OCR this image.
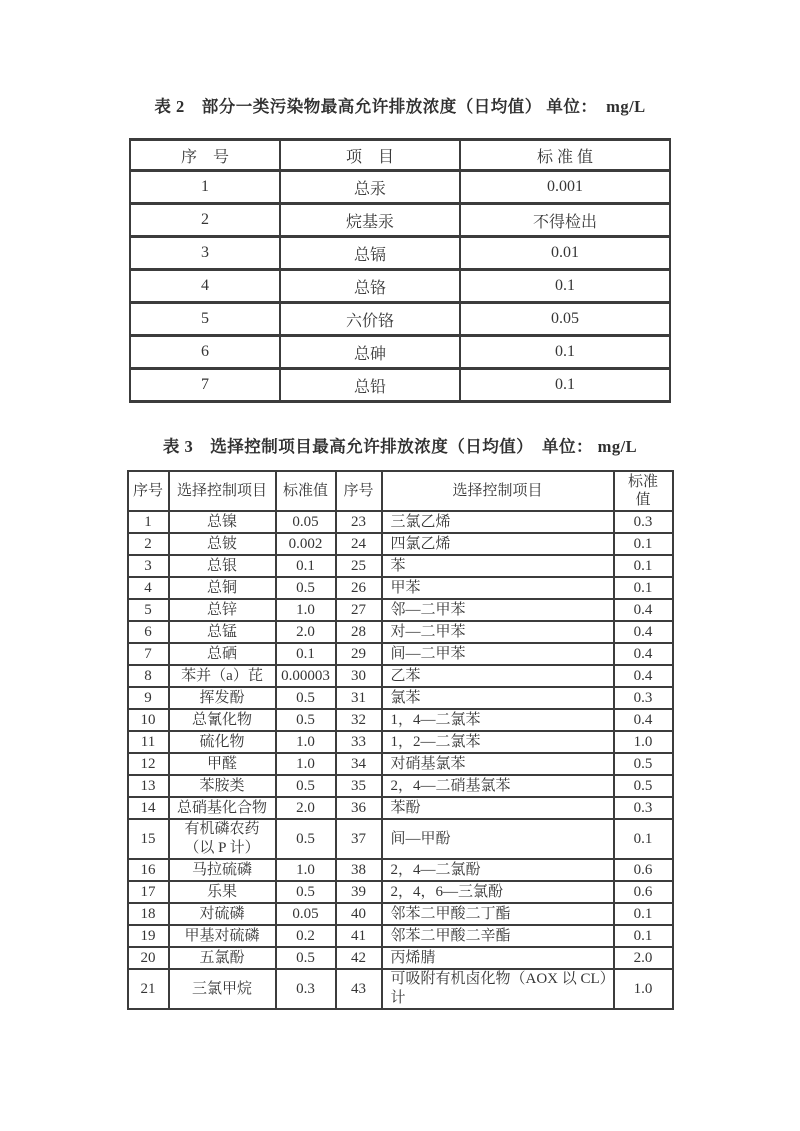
表 2　部分一类污染物最高允许排放浓度（日均值） 单位：　mg/L
序　号	项　目	标 准 值
1	总汞	0.001
2	烷基汞	不得检出
3	总镉	0.01
4	总铬	0.1
5	六价铬	0.05
6	总砷	0.1
7	总铅	0.1
表 3　选择控制项目最高允许排放浓度（日均值）　单位： mg/L
序号	选择控制项目	标准值	序号	选择控制项目	标准值
1	总镍	0.05	23	三氯乙烯	0.3
2	总铍	0.002	24	四氯乙烯	0.1
3	总银	0.1	25	苯	0.1
4	总铜	0.5	26	甲苯	0.1
5	总锌	1.0	27	邻—二甲苯	0.4
6	总锰	2.0	28	对—二甲苯	0.4
7	总硒	0.1	29	间—二甲苯	0.4
8	苯并（a）芘	0.00003	30	乙苯	0.4
9	挥发酚	0.5	31	氯苯	0.3
10	总氰化物	0.5	32	1，4—二氯苯	0.4
11	硫化物	1.0	33	1，2—二氯苯	1.0
12	甲醛	1.0	34	对硝基氯苯	0.5
13	苯胺类	0.5	35	2，4—二硝基氯苯	0.5
14	总硝基化合物	2.0	36	苯酚	0.3
15	有机磷农药（以 P 计）	0.5	37	间—甲酚	0.1
16	马拉硫磷	1.0	38	2，4—二氯酚	0.6
17	乐果	0.5	39	2，4，6—三氯酚	0.6
18	对硫磷	0.05	40	邻苯二甲酸二丁酯	0.1
19	甲基对硫磷	0.2	41	邻苯二甲酸二辛酯	0.1
20	五氯酚	0.5	42	丙烯腈	2.0
21	三氯甲烷	0.3	43	可吸附有机卤化物（AOX 以 CL）计	1.0
